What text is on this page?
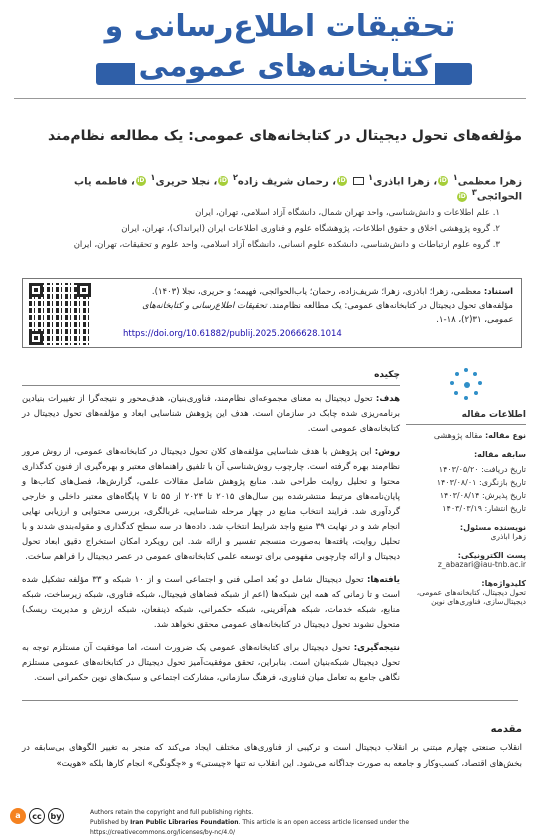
تحقیقات اطلاع‌رسانی و
کتابخانه‌های عمومی
مؤلفه‌های تحول دیجیتال در کتابخانه‌های عمومی: یک مطالعه نظام‌مند
زهرا معظمی$^۱$ iD، زهرا اباذری$^۱$  iD، رحمان شریف زاده$^۲$ iD، نجلا حریری$^۱$ iD، فاطمه یاب الحوائجی$^۳$ iD
۱. علم اطلاعات و دانش‌شناسی، واحد تهران شمال، دانشگاه آزاد اسلامی، تهران، ایران
۲. گروه پژوهشی اخلاق و حقوق اطلاعات، پژوهشگاه علوم و فناوری اطلاعات ایران (ایرانداک)، تهران، ایران
۳. گروه علوم ارتباطات و دانش‌شناسی، دانشکده علوم انسانی، دانشگاه آزاد اسلامی، واحد علوم و تحقیقات، تهران، ایران
استناد: معظمی، زهرا؛ اباذری، زهرا؛ شریف‌زاده، رحمان؛ یاب‌الحوائجی، فهیمه؛ و حریری، نجلا (۱۴۰۳). مؤلفه‌های تحول دیجیتال در کتابخانه‌های عمومی: یک مطالعه نظام‌مند. تحقیقات اطلاع‌رسانی و کتابخانه‌های عمومی، ۳۱(۲)، ۱۸-۱.
https://doi.org/10.61882/publij.2025.2066628.1014
اطلاعات مقاله
نوع مقاله: مقاله پژوهشی
سابقه مقاله:
تاریخ دریافت: ۱۴۰۳/۰۵/۲۰
تاریخ بازنگری: ۱۴۰۳/۰۸/۰۱
تاریخ پذیرش: ۱۴۰۳/۰۸/۱۴
تاریخ انتشار: ۱۴۰۳/۰۳/۱۹
نویسنده مسئول:
زهرا اباذری
پست الکترونیکی:
z_abazari@iau-tnb.ac.ir
کلیدواژه‌ها:
تحول دیجیتال، کتابخانه‌های عمومی، دیجیتال‌سازی، فناوری‌های نوین
چکیده

هدف: تحول دیجیتال به معنای مجموعه‌ای نظام‌مند، فناوری‌بنیان، هدف‌محور و نتیجه‌گرا از تغییرات بنیادین برنامه‌ریزی شده چابک در سازمان است. هدف این پژوهش شناسایی ابعاد و مؤلفه‌های تحول دیجیتال در کتابخانه‌های عمومی است.

روش: این پژوهش با هدف شناسایی مؤلفه‌های کلان تحول دیجیتال در کتابخانه‌های عمومی، از روش مرور نظام‌مند بهره گرفته است. چارچوب روش‌شناسی آن با تلفیق راهنماهای معتبر و بهره‌گیری از فنون کدگذاری محتوا و تحلیل روایت طراحی شد. منابع پژوهش شامل مقالات علمی، گزارش‌ها، فصل‌های کتاب‌ها و پایان‌نامه‌های مرتبط منتشرشده بین سال‌های ۲۰۱۵ تا ۲۰۲۴ از ۵۵ تا ۷ پایگاه‌های معتبر داخلی و خارجی گردآوری شد. فرایند انتخاب منابع در چهار مرحله شناسایی، غربالگری، بررسی محتوایی و ارزیابی نهایی انجام شد و در نهایت ۳۹ منبع واجد شرایط انتخاب شد. داده‌ها در سه سطح کدگذاری و مقوله‌بندی شدند و با تحلیل روایت، یافته‌ها به‌صورت منسجم تفسیر و ارائه شد. این رویکرد امکان استخراج دقیق ابعاد تحول دیجیتال و ارائه چارچوبی مفهومی برای توسعه علمی کتابخانه‌های عمومی در عصر دیجیتال را فراهم ساخت.

یافته‌ها: تحول دیجیتال شامل دو بُعد اصلی فنی و اجتماعی است و از ۱۰ شبکه و ۳۳ مؤلفه تشکیل شده است و تا زمانی که همه این شبکه‌ها (اعم از شبکه فضاهای فیجیتال، شبکه فناوری، شبکه زیرساخت، شبکه منابع، شبکه خدمات، شبکه هم‌آفرینی، شبکه حکمرانی، شبکه ذینفعان، شبکه ارزش و مدیریت ریسک) متحول نشوند تحول دیجیتال در کتابخانه‌های عمومی محقق نخواهد شد.

نتیجه‌گیری: تحول دیجیتال برای کتابخانه‌های عمومی یک ضرورت است، اما موفقیت آن مستلزم توجه به تحول دیجیتال شبکه‌بنیان است. بنابراین، تحقق موفقیت‌آمیز تحول دیجیتال در کتابخانه‌های عمومی مستلزم نگاهی جامع به تعامل میان فناوری، فرهنگ سازمانی، مشارکت اجتماعی و سبک‌های نوین حکمرانی است.

مقدمه
انقلاب صنعتی چهارم مبتنی بر انقلاب دیجیتال است و ترکیبی از فناوری‌های مختلف ایجاد می‌کند که منجر به تغییر الگوهای بی‌سابقه در بخش‌های اقتصاد، کسب‌وکار و جامعه به صورت جداگانه می‌شود. این انقلاب نه تنها «چیستی» و «چگونگی» انجام کارها بلکه «هویت»
a	cc	by	Authors retain the copyright and full publishing rights.
Published by Iran Public Libraries Foundation. This article is an open access article licensed under the https://creativecommons.org/licenses/by-nc/4.0/
